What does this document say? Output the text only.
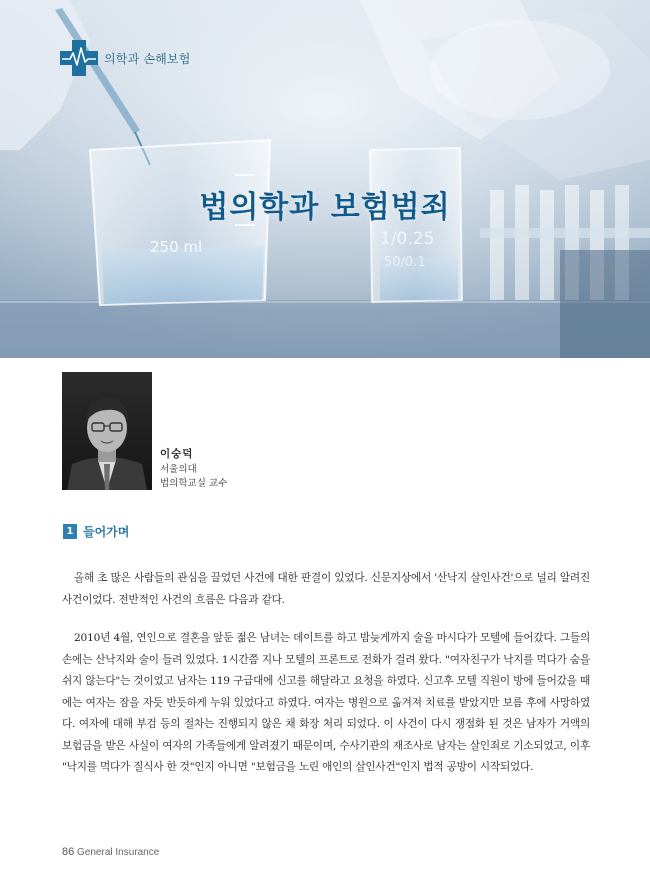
250 ml	1/0.25
50/0.1
의학과 손해보험
법의학과 보험범죄
이숭덕
서울의대
법의학교실 교수
1 들어가며

올해 초 많은 사람들의 관심을 끌었던 사건에 대한 판결이 있었다. 신문지상에서 '산낙지 살인사건'으로 널리 알려진 사건이었다. 전반적인 사건의 흐름은 다음과 같다.

2010년 4월, 연인으로 결혼을 앞둔 젊은 남녀는 데이트를 하고 밤늦게까지 술을 마시다가 모텔에 들어갔다. 그들의 손에는 산낙지와 술이 들려 있었다. 1시간쯤 지나 모텔의 프론트로 전화가 걸려 왔다. "여자친구가 낙지를 먹다가 숨을 쉬지 않는다"는 것이었고 남자는 119 구급대에 신고를 해달라고 요청을 하였다. 신고후 모텔 직원이 방에 들어갔을 때에는 여자는 잠을 자듯 반듯하게 누워 있었다고 하였다. 여자는 병원으로 옮겨져 치료를 받았지만 보름 후에 사망하였다. 여자에 대해 부검 등의 절차는 진행되지 않은 채 화장 처리 되었다. 이 사건이 다시 쟁점화 된 것은 남자가 거액의 보험금을 받은 사실이 여자의 가족들에게 알려졌기 때문이며, 수사기관의 재조사로 남자는 살인죄로 기소되었고, 이후 "낙지를 먹다가 질식사 한 것"인지 아니면 "보험금을 노린 애인의 살인사건"인지 법적 공방이 시작되었다.

86 General Insurance
